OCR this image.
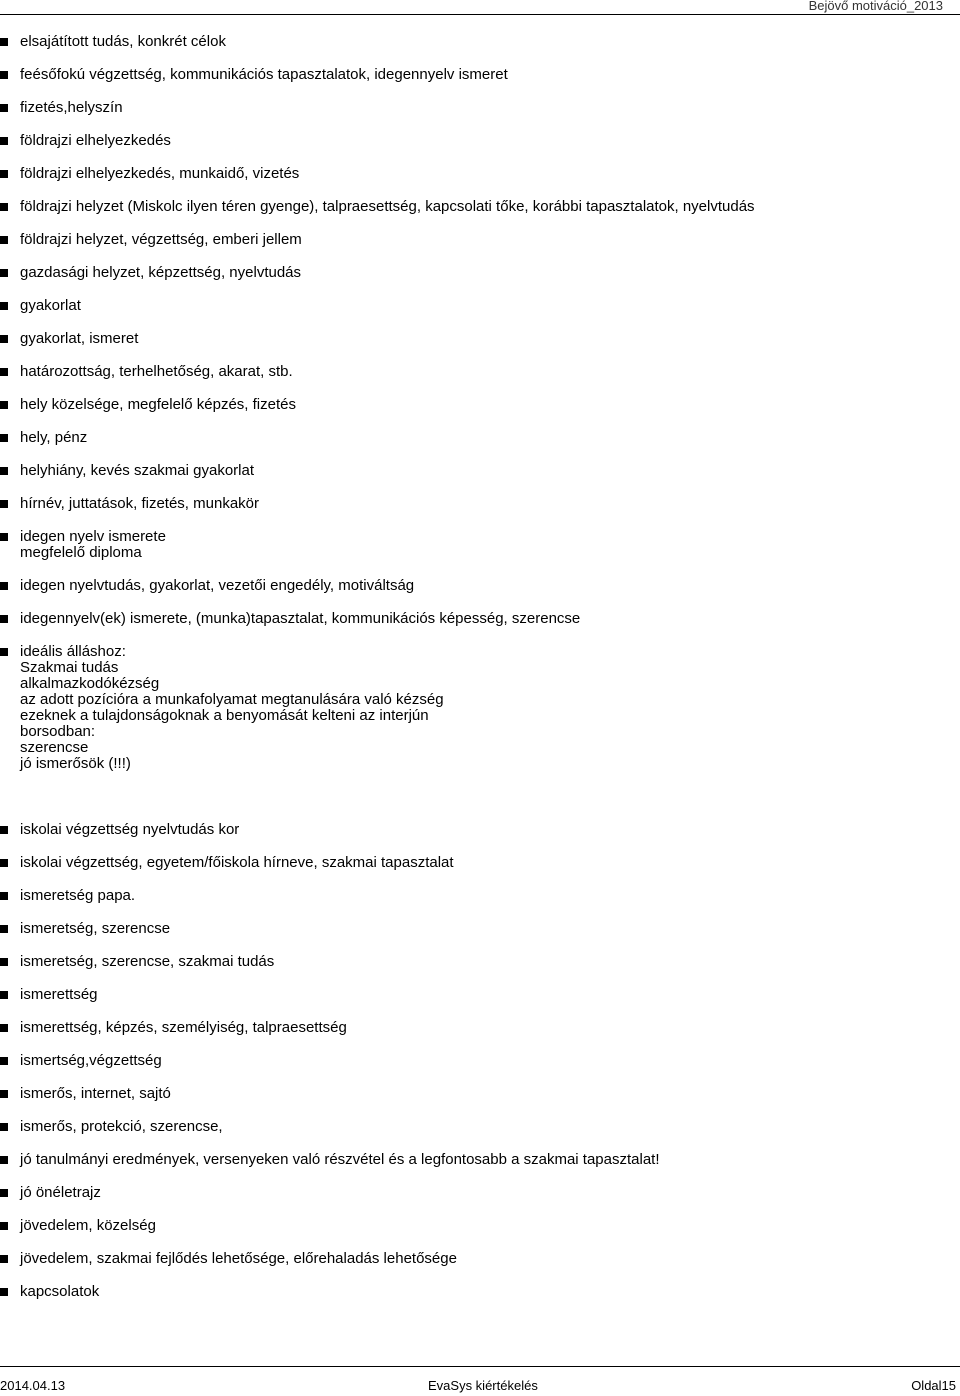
Bejövő motiváció_2013
elsajátított tudás, konkrét célok
feésőfokú végzettség, kommunikációs tapasztalatok, idegennyelv ismeret
fizetés,helyszín
földrajzi elhelyezkedés
földrajzi elhelyezkedés, munkaidő, vizetés
földrajzi helyzet (Miskolc ilyen téren gyenge), talpraesettség, kapcsolati tőke, korábbi tapasztalatok, nyelvtudás
földrajzi helyzet, végzettség, emberi jellem
gazdasági helyzet, képzettség, nyelvtudás
gyakorlat
gyakorlat, ismeret
határozottság, terhelhetőség, akarat, stb.
hely közelsége, megfelelő képzés, fizetés
hely, pénz
helyhiány, kevés szakmai gyakorlat
hírnév, juttatások, fizetés, munkakör
idegen nyelv ismerete
megfelelő diploma
idegen nyelvtudás, gyakorlat, vezetői engedély, motiváltság
idegennyelv(ek) ismerete, (munka)tapasztalat, kommunikációs képesség, szerencse
ideális álláshoz:
Szakmai tudás
alkalmazkodókézség
az adott pozícióra a munkafolyamat megtanulására való kézség
ezeknek a tulajdonságoknak a benyomását kelteni az interjún
borsodban:
szerencse
jó ismerősök (!!!)
iskolai végzettség nyelvtudás kor
iskolai végzettség, egyetem/főiskola hírneve, szakmai tapasztalat
ismeretség papa.
ismeretség, szerencse
ismeretség, szerencse, szakmai tudás
ismerettség
ismerettség, képzés, személyiség, talpraesettség
ismertség,végzettség
ismerős, internet, sajtó
ismerős, protekció, szerencse,
jó tanulmányi eredmények, versenyeken való részvétel és a legfontosabb a szakmai tapasztalat!
jó önéletrajz
jövedelem, közelség
jövedelem, szakmai fejlődés lehetősége, előrehaladás lehetősége
kapcsolatok
2014.04.13	EvaSys kiértékelés	Oldal15
